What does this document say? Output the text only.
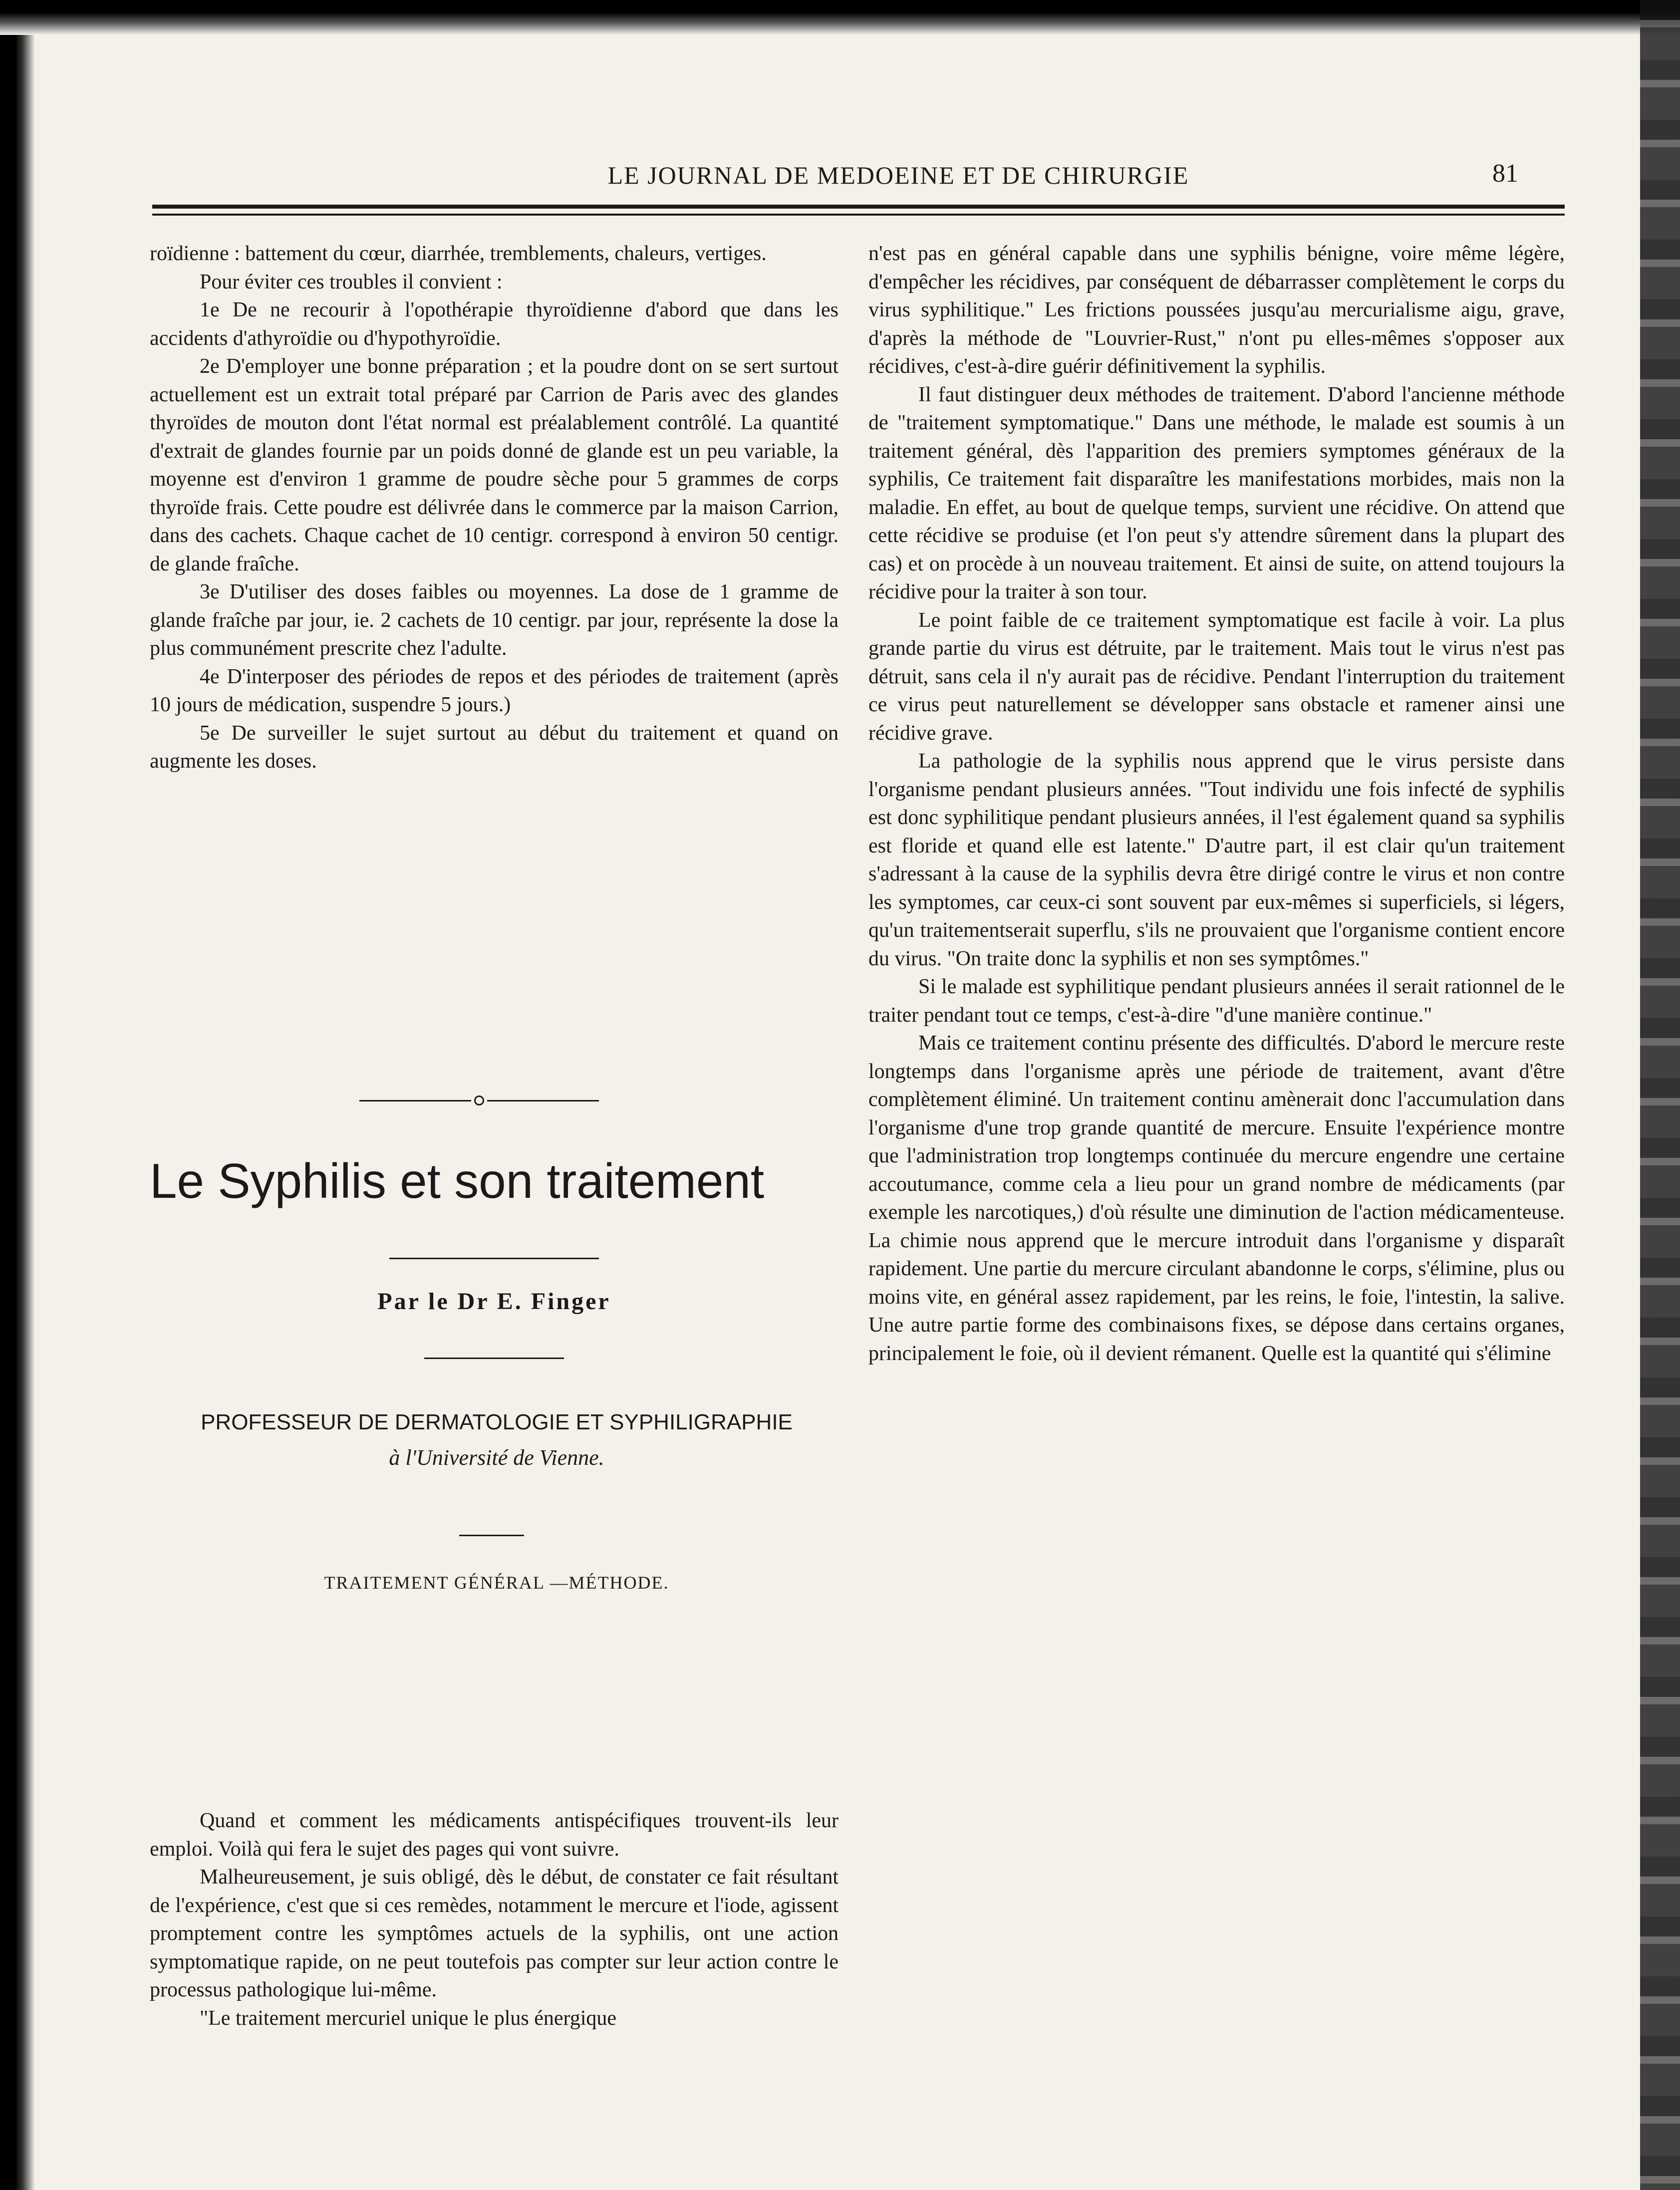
LE JOURNAL DE MEDOEINE ET DE CHIRURGIE	81

roïdienne : battement du cœur, diarrhée, tremblements, chaleurs, vertiges.

Pour éviter ces troubles il convient :

1e De ne recourir à l'opothérapie thyroïdienne d'abord que dans les accidents d'athyroïdie ou d'hypothyroïdie.

2e D'employer une bonne préparation ; et la poudre dont on se sert surtout actuellement est un extrait total préparé par Carrion de Paris avec des glandes thyroïdes de mouton dont l'état normal est préalablement contrôlé. La quantité d'extrait de glandes fournie par un poids donné de glande est un peu variable, la moyenne est d'environ 1 gramme de poudre sèche pour 5 grammes de corps thyroïde frais. Cette poudre est délivrée dans le commerce par la maison Carrion, dans des cachets. Chaque cachet de 10 centigr. correspond à environ 50 centigr. de glande fraîche.

3e D'utiliser des doses faibles ou moyennes. La dose de 1 gramme de glande fraîche par jour, ie. 2 cachets de 10 centigr. par jour, représente la dose la plus communément prescrite chez l'adulte.

4e D'interposer des périodes de repos et des périodes de traitement (après 10 jours de médication, suspendre 5 jours.)

5e De surveiller le sujet surtout au début du traitement et quand on augmente les doses.

Le Syphilis et son traitement
Par le Dr E. Finger
PROFESSEUR DE DERMATOLOGIE ET SYPHILIGRAPHIE
à l'Université de Vienne.
TRAITEMENT GÉNÉRAL —MÉTHODE.

Quand et comment les médicaments antispécifiques trouvent-ils leur emploi. Voilà qui fera le sujet des pages qui vont suivre.

Malheureusement, je suis obligé, dès le début, de constater ce fait résultant de l'expérience, c'est que si ces remèdes, notamment le mercure et l'iode, agissent promptement contre les symptômes actuels de la syphilis, ont une action symptomatique rapide, on ne peut toutefois pas compter sur leur action contre le processus pathologique lui-même.

"Le traitement mercuriel unique le plus énergique

n'est pas en général capable dans une syphilis bénigne, voire même légère, d'empêcher les récidives, par conséquent de débarrasser complètement le corps du virus syphilitique." Les frictions poussées jusqu'au mercurialisme aigu, grave, d'après la méthode de "Louvrier-Rust," n'ont pu elles-mêmes s'opposer aux récidives, c'est-à-dire guérir définitivement la syphilis.

Il faut distinguer deux méthodes de traitement. D'abord l'ancienne méthode de "traitement symptomatique." Dans une méthode, le malade est soumis à un traitement général, dès l'apparition des premiers symptomes généraux de la syphilis, Ce traitement fait disparaître les manifestations morbides, mais non la maladie. En effet, au bout de quelque temps, survient une récidive. On attend que cette récidive se produise (et l'on peut s'y attendre sûrement dans la plupart des cas) et on procède à un nouveau traitement. Et ainsi de suite, on attend toujours la récidive pour la traiter à son tour.

Le point faible de ce traitement symptomatique est facile à voir. La plus grande partie du virus est détruite, par le traitement. Mais tout le virus n'est pas détruit, sans cela il n'y aurait pas de récidive. Pendant l'interruption du traitement ce virus peut naturellement se développer sans obstacle et ramener ainsi une récidive grave.

La pathologie de la syphilis nous apprend que le virus persiste dans l'organisme pendant plusieurs années. "Tout individu une fois infecté de syphilis est donc syphilitique pendant plusieurs années, il l'est également quand sa syphilis est floride et quand elle est latente." D'autre part, il est clair qu'un traitement s'adressant à la cause de la syphilis devra être dirigé contre le virus et non contre les symptomes, car ceux-ci sont souvent par eux-mêmes si superficiels, si légers, qu'un traitementserait superflu, s'ils ne prouvaient que l'organisme contient encore du virus. "On traite donc la syphilis et non ses symptômes."

Si le malade est syphilitique pendant plusieurs années il serait rationnel de le traiter pendant tout ce temps, c'est-à-dire "d'une manière continue."

Mais ce traitement continu présente des difficultés. D'abord le mercure reste longtemps dans l'organisme après une période de traitement, avant d'être complètement éliminé. Un traitement continu amènerait donc l'accumulation dans l'organisme d'une trop grande quantité de mercure. Ensuite l'expérience montre que l'administration trop longtemps continuée du mercure engendre une certaine accoutumance, comme cela a lieu pour un grand nombre de médicaments (par exemple les narcotiques,) d'où résulte une diminution de l'action médicamenteuse. La chimie nous apprend que le mercure introduit dans l'organisme y disparaît rapidement. Une partie du mercure circulant abandonne le corps, s'élimine, plus ou moins vite, en général assez rapidement, par les reins, le foie, l'intestin, la salive. Une autre partie forme des combinaisons fixes, se dépose dans certains organes, principalement le foie, où il devient rémanent. Quelle est la quantité qui s'élimine
